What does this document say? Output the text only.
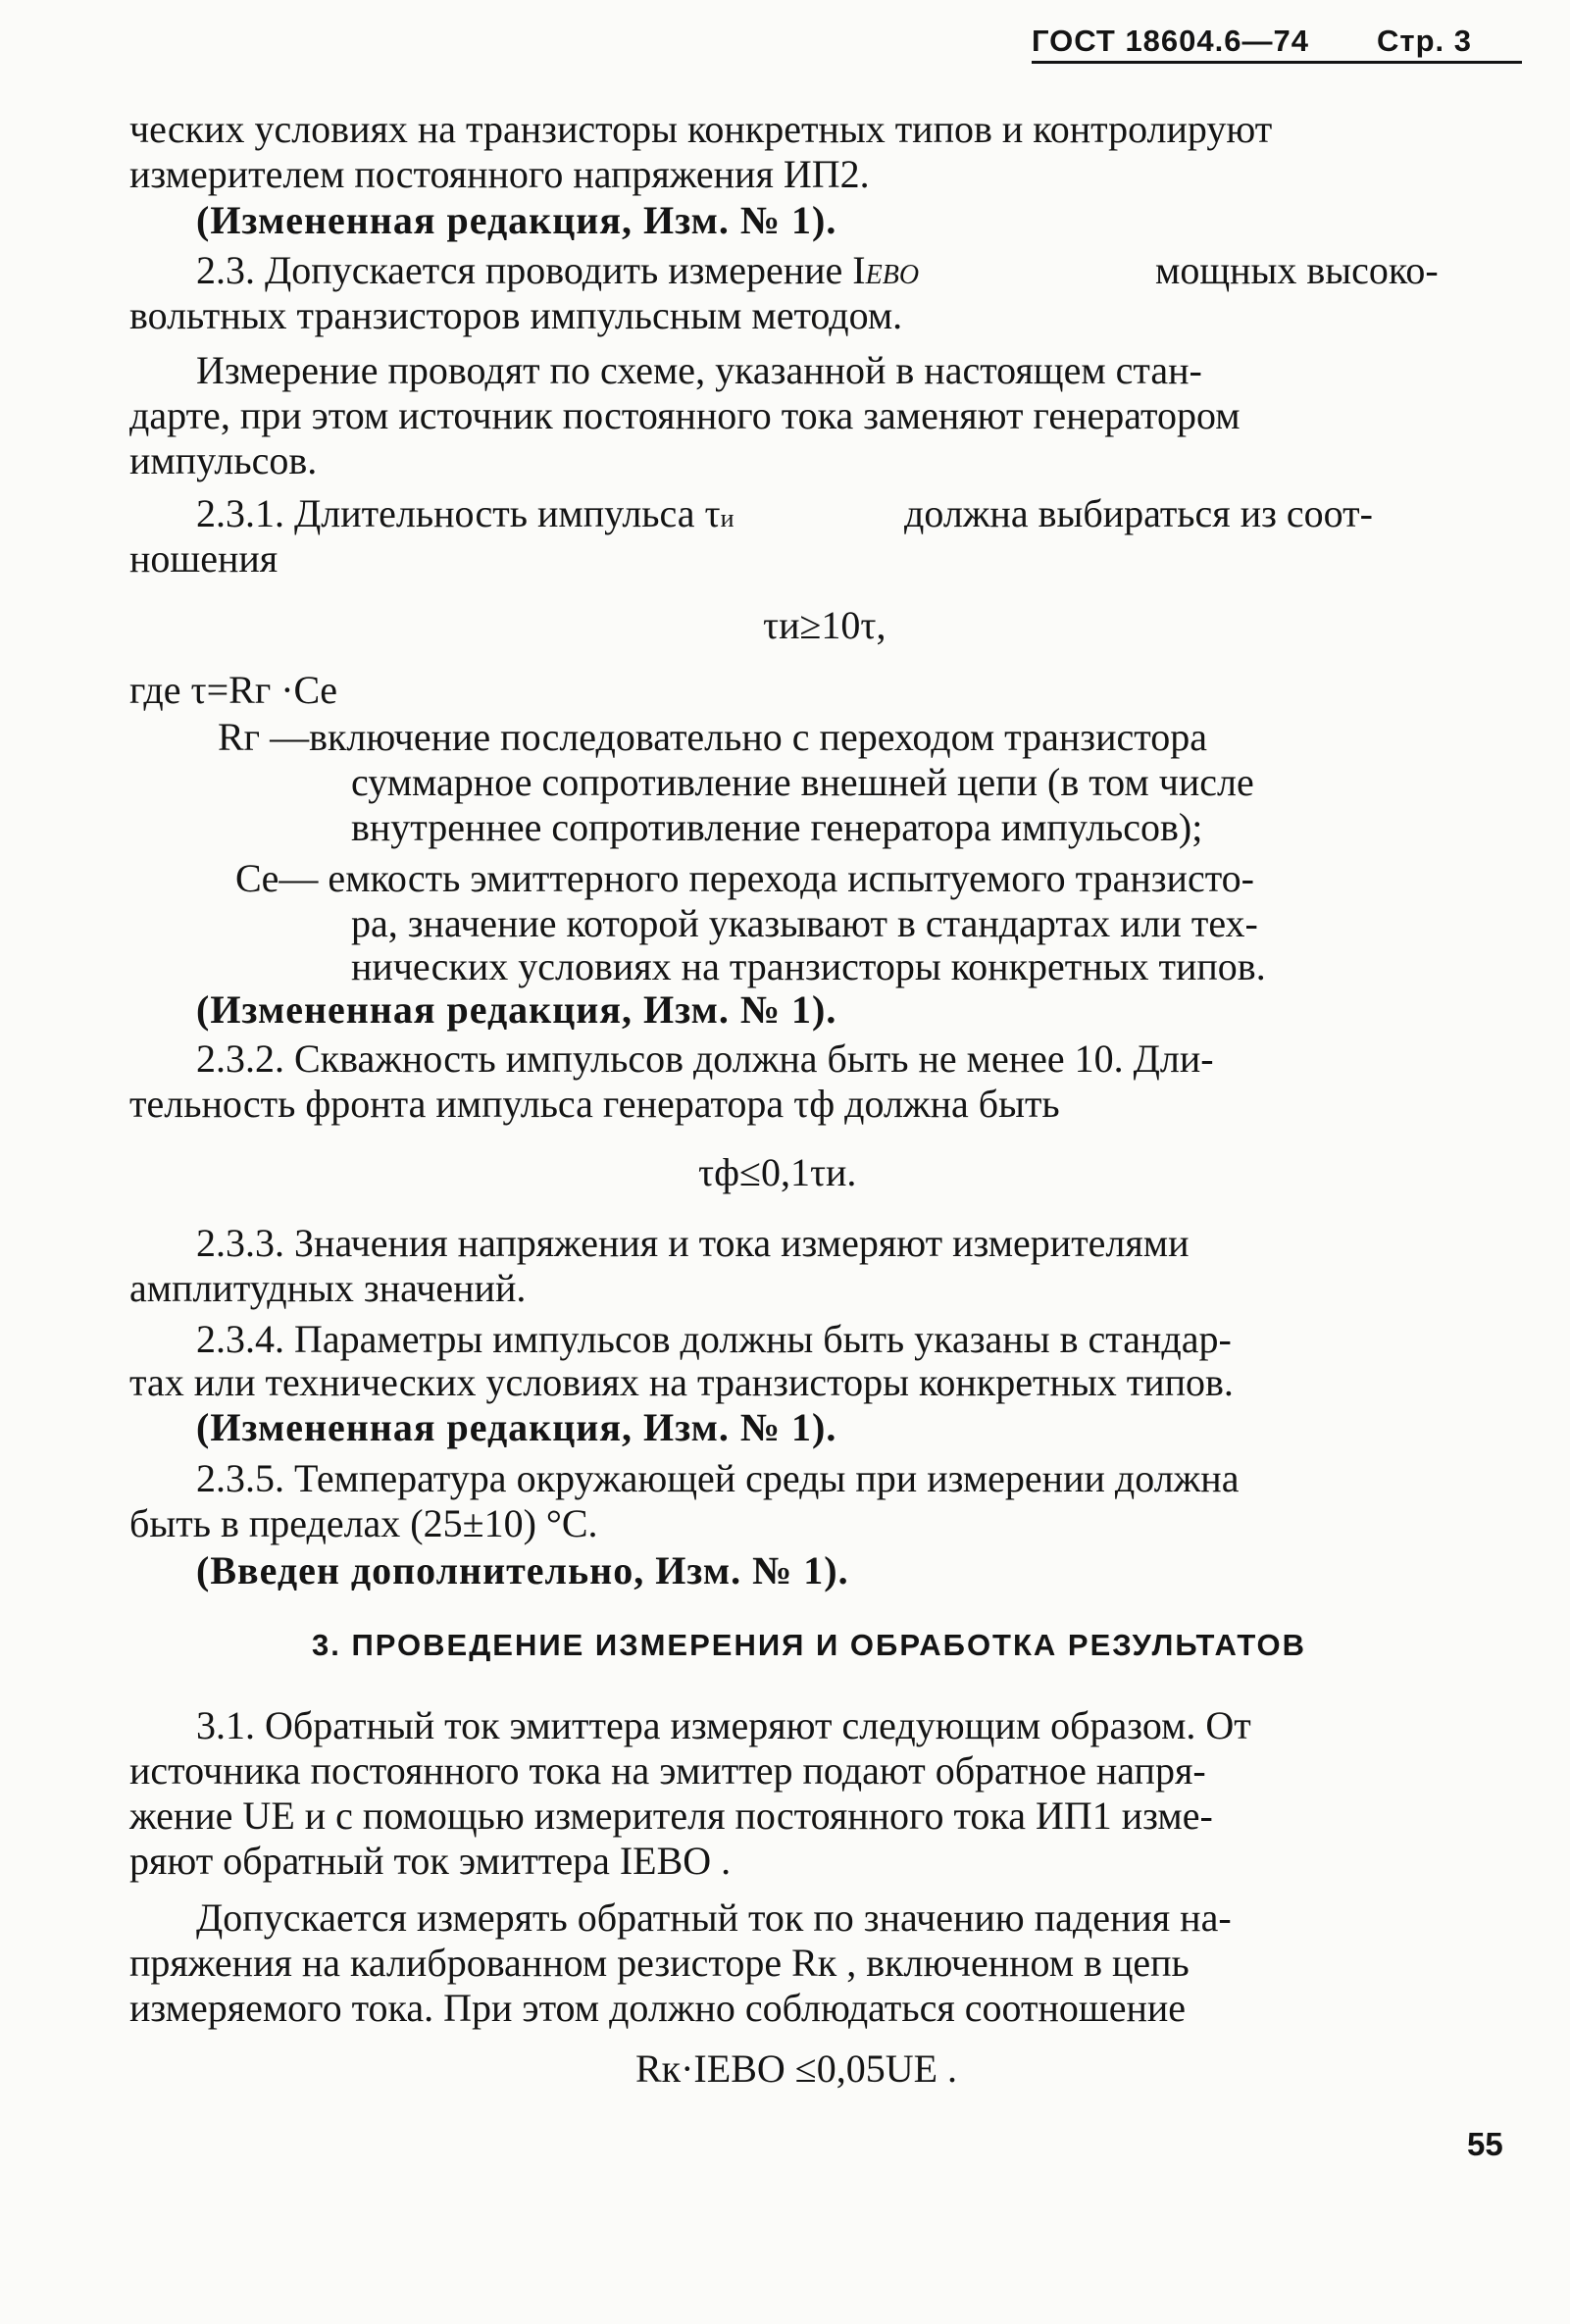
ГОСТ 18604.6—74 Стр. 3
ческих условиях на транзисторы конкретных типов и контролируют
измерителем постоянного напряжения ИП2.
(Измененная редакция, Изм. № 1).
2.3. Допускается проводить измерение IEBO	мощных высоко-
вольтных транзисторов импульсным методом.
Измерение проводят по схеме, указанной в настоящем стан-
дарте, при этом источник постоянного тока заменяют генератором
импульсов.
2.3.1. Длительность импульса τи	должна выбираться из соот-
ношения
τи≥10τ,
где τ=Rг ·Cе
Rг —включение последовательно с переходом транзистора
суммарное сопротивление внешней цепи (в том числе
внутреннее сопротивление генератора импульсов);
Cе— емкость эмиттерного перехода испытуемого транзисто-
ра, значение которой указывают в стандартах или тех-
нических условиях на транзисторы конкретных типов.
(Измененная редакция, Изм. № 1).
2.3.2. Скважность импульсов должна быть не менее 10. Дли-
тельность фронта импульса генератора τф должна быть
τф≤0,1τи.
2.3.3. Значения напряжения и тока измеряют измерителями
амплитудных значений.
2.3.4. Параметры импульсов должны быть указаны в стандар-
тах или технических условиях на транзисторы конкретных типов.
(Измененная редакция, Изм. № 1).
2.3.5. Температура окружающей среды при измерении должна
быть в пределах (25±10) °С.
(Введен дополнительно, Изм. № 1).
3. ПРОВЕДЕНИЕ ИЗМЕРЕНИЯ И ОБРАБОТКА РЕЗУЛЬТАТОВ
3.1. Обратный ток эмиттера измеряют следующим образом. От
источника постоянного тока на эмиттер подают обратное напря-
жение UE и с помощью измерителя постоянного тока ИП1 изме-
ряют обратный ток эмиттера IEBO .
Допускается измерять обратный ток по значению падения на-
пряжения на калиброванном резисторе Rк , включенном в цепь
измеряемого тока. При этом должно соблюдаться соотношение
Rк·IEBO ≤0,05UE .
55
